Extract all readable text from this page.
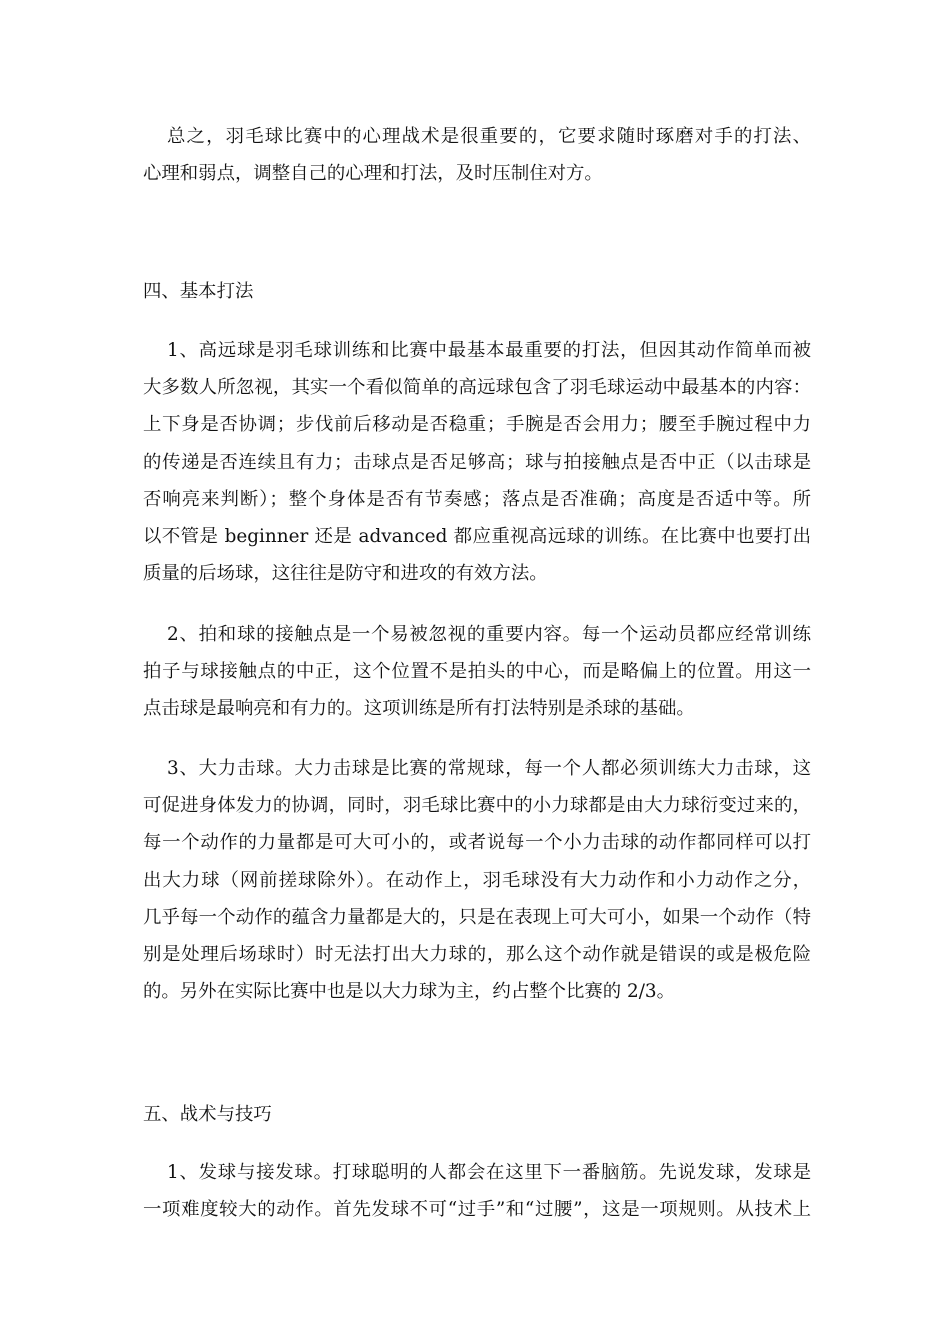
总之，羽毛球比赛中的心理战术是很重要的，它要求随时琢磨对手的打法、
心理和弱点，调整自己的心理和打法，及时压制住对方。
四、基本打法
1、高远球是羽毛球训练和比赛中最基本最重要的打法，但因其动作简单而被
大多数人所忽视，其实一个看似简单的高远球包含了羽毛球运动中最基本的内容：
上下身是否协调；步伐前后移动是否稳重；手腕是否会用力；腰至手腕过程中力
的传递是否连续且有力；击球点是否足够高；球与拍接触点是否中正（以击球是
否响亮来判断）；整个身体是否有节奏感；落点是否准确；高度是否适中等。所
以不管是 beginner 还是 advanced 都应重视高远球的训练。在比赛中也要打出
质量的后场球，这往往是防守和进攻的有效方法。
2、拍和球的接触点是一个易被忽视的重要内容。每一个运动员都应经常训练
拍子与球接触点的中正，这个位置不是拍头的中心，而是略偏上的位置。用这一
点击球是最响亮和有力的。这项训练是所有打法特别是杀球的基础。
3、大力击球。大力击球是比赛的常规球，每一个人都必须训练大力击球，这
可促进身体发力的协调，同时，羽毛球比赛中的小力球都是由大力球衍变过来的，
每一个动作的力量都是可大可小的，或者说每一个小力击球的动作都同样可以打
出大力球（网前搓球除外）。在动作上，羽毛球没有大力动作和小力动作之分，
几乎每一个动作的蕴含力量都是大的，只是在表现上可大可小，如果一个动作（特
别是处理后场球时）时无法打出大力球的，那么这个动作就是错误的或是极危险
的。另外在实际比赛中也是以大力球为主，约占整个比赛的 2/3。
五、战术与技巧
1、发球与接发球。打球聪明的人都会在这里下一番脑筋。先说发球，发球是
一项难度较大的动作。首先发球不可“过手”和“过腰”，这是一项规则。从技术上
